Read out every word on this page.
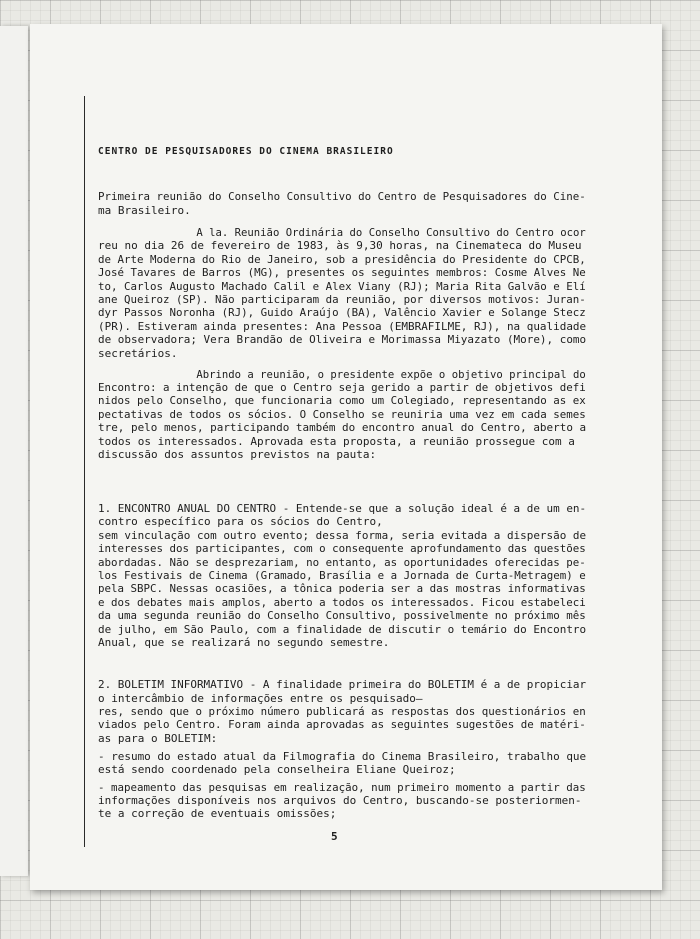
CENTRO DE PESQUISADORES DO CINEMA BRASILEIRO

Primeira reunião do Conselho Consultivo do Centro de Pesquisadores do Cine-

ma Brasileiro.

A la. Reunião Ordinária do Conselho Consultivo do Centro ocor

reu no dia 26 de fevereiro de 1983, às 9,30 horas, na Cinemateca do Museu

de Arte Moderna do Rio de Janeiro, sob a presidência do Presidente do CPCB,

José Tavares de Barros (MG), presentes os seguintes membros: Cosme Alves Ne

to, Carlos Augusto Machado Calil e Alex Viany (RJ); Maria Rita Galvão e Elí

ane Queiroz (SP). Não participaram da reunião, por diversos motivos: Juran-

dyr Passos Noronha (RJ), Guido Araújo (BA), Valêncio Xavier e Solange Stecz

(PR). Estiveram ainda presentes: Ana Pessoa (EMBRAFILME, RJ), na qualidade

de observadora; Vera Brandão de Oliveira e Morimassa Miyazato (More), como

secretários.

Abrindo a reunião, o presidente expõe o objetivo principal do

Encontro: a intenção de que o Centro seja gerido a partir de objetivos defi

nidos pelo Conselho, que funcionaria como um Colegiado, representando as ex

pectativas de todos os sócios. O Conselho se reuniria uma vez em cada semes

tre, pelo menos, participando também do encontro anual do Centro, aberto a

todos os interessados. Aprovada esta proposta, a reunião prossegue com a

discussão dos assuntos previstos na pauta:

1. ENCONTRO ANUAL DO CENTRO - Entende-se que a solução ideal é a de um en-

contro específico para os sócios do Centro,

sem vinculação com outro evento; dessa forma, seria evitada a dispersão de

interesses dos participantes, com o consequente aprofundamento das questões

abordadas. Não se desprezariam, no entanto, as oportunidades oferecidas pe-

los Festivais de Cinema (Gramado, Brasília e a Jornada de Curta-Metragem) e

pela SBPC. Nessas ocasiões, a tônica poderia ser a das mostras informativas

e dos debates mais amplos, aberto a todos os interessados. Ficou estabeleci

da uma segunda reunião do Conselho Consultivo, possivelmente no próximo mês

de julho, em São Paulo, com a finalidade de discutir o temário do Encontro

Anual, que se realizará no segundo semestre.

2. BOLETIM INFORMATIVO - A finalidade primeira do BOLETIM é a de propiciar

o intercâmbio de informações entre os pesquisado—

res, sendo que o próximo número publicará as respostas dos questionários en

viados pelo Centro. Foram ainda aprovadas as seguintes sugestões de matéri-

as para o BOLETIM:

- resumo do estado atual da Filmografia do Cinema Brasileiro, trabalho que

está sendo coordenado pela conselheira Eliane Queiroz;

- mapeamento das pesquisas em realização, num primeiro momento a partir das

informações disponíveis nos arquivos do Centro, buscando-se posteriormen-

te a correção de eventuais omissões;

5
